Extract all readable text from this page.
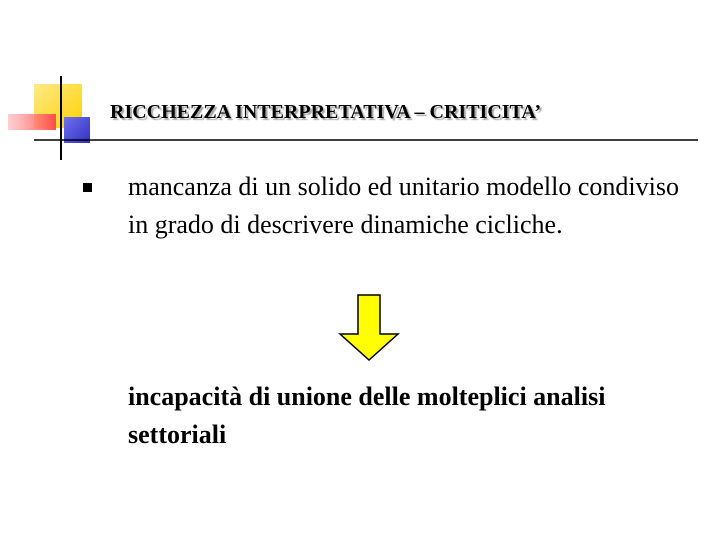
RICCHEZZA INTERPRETATIVA – CRITICITA’
mancanza di un solido ed unitario modello condiviso in grado di descrivere dinamiche cicliche.
incapacità di unione delle molteplici analisi settoriali
